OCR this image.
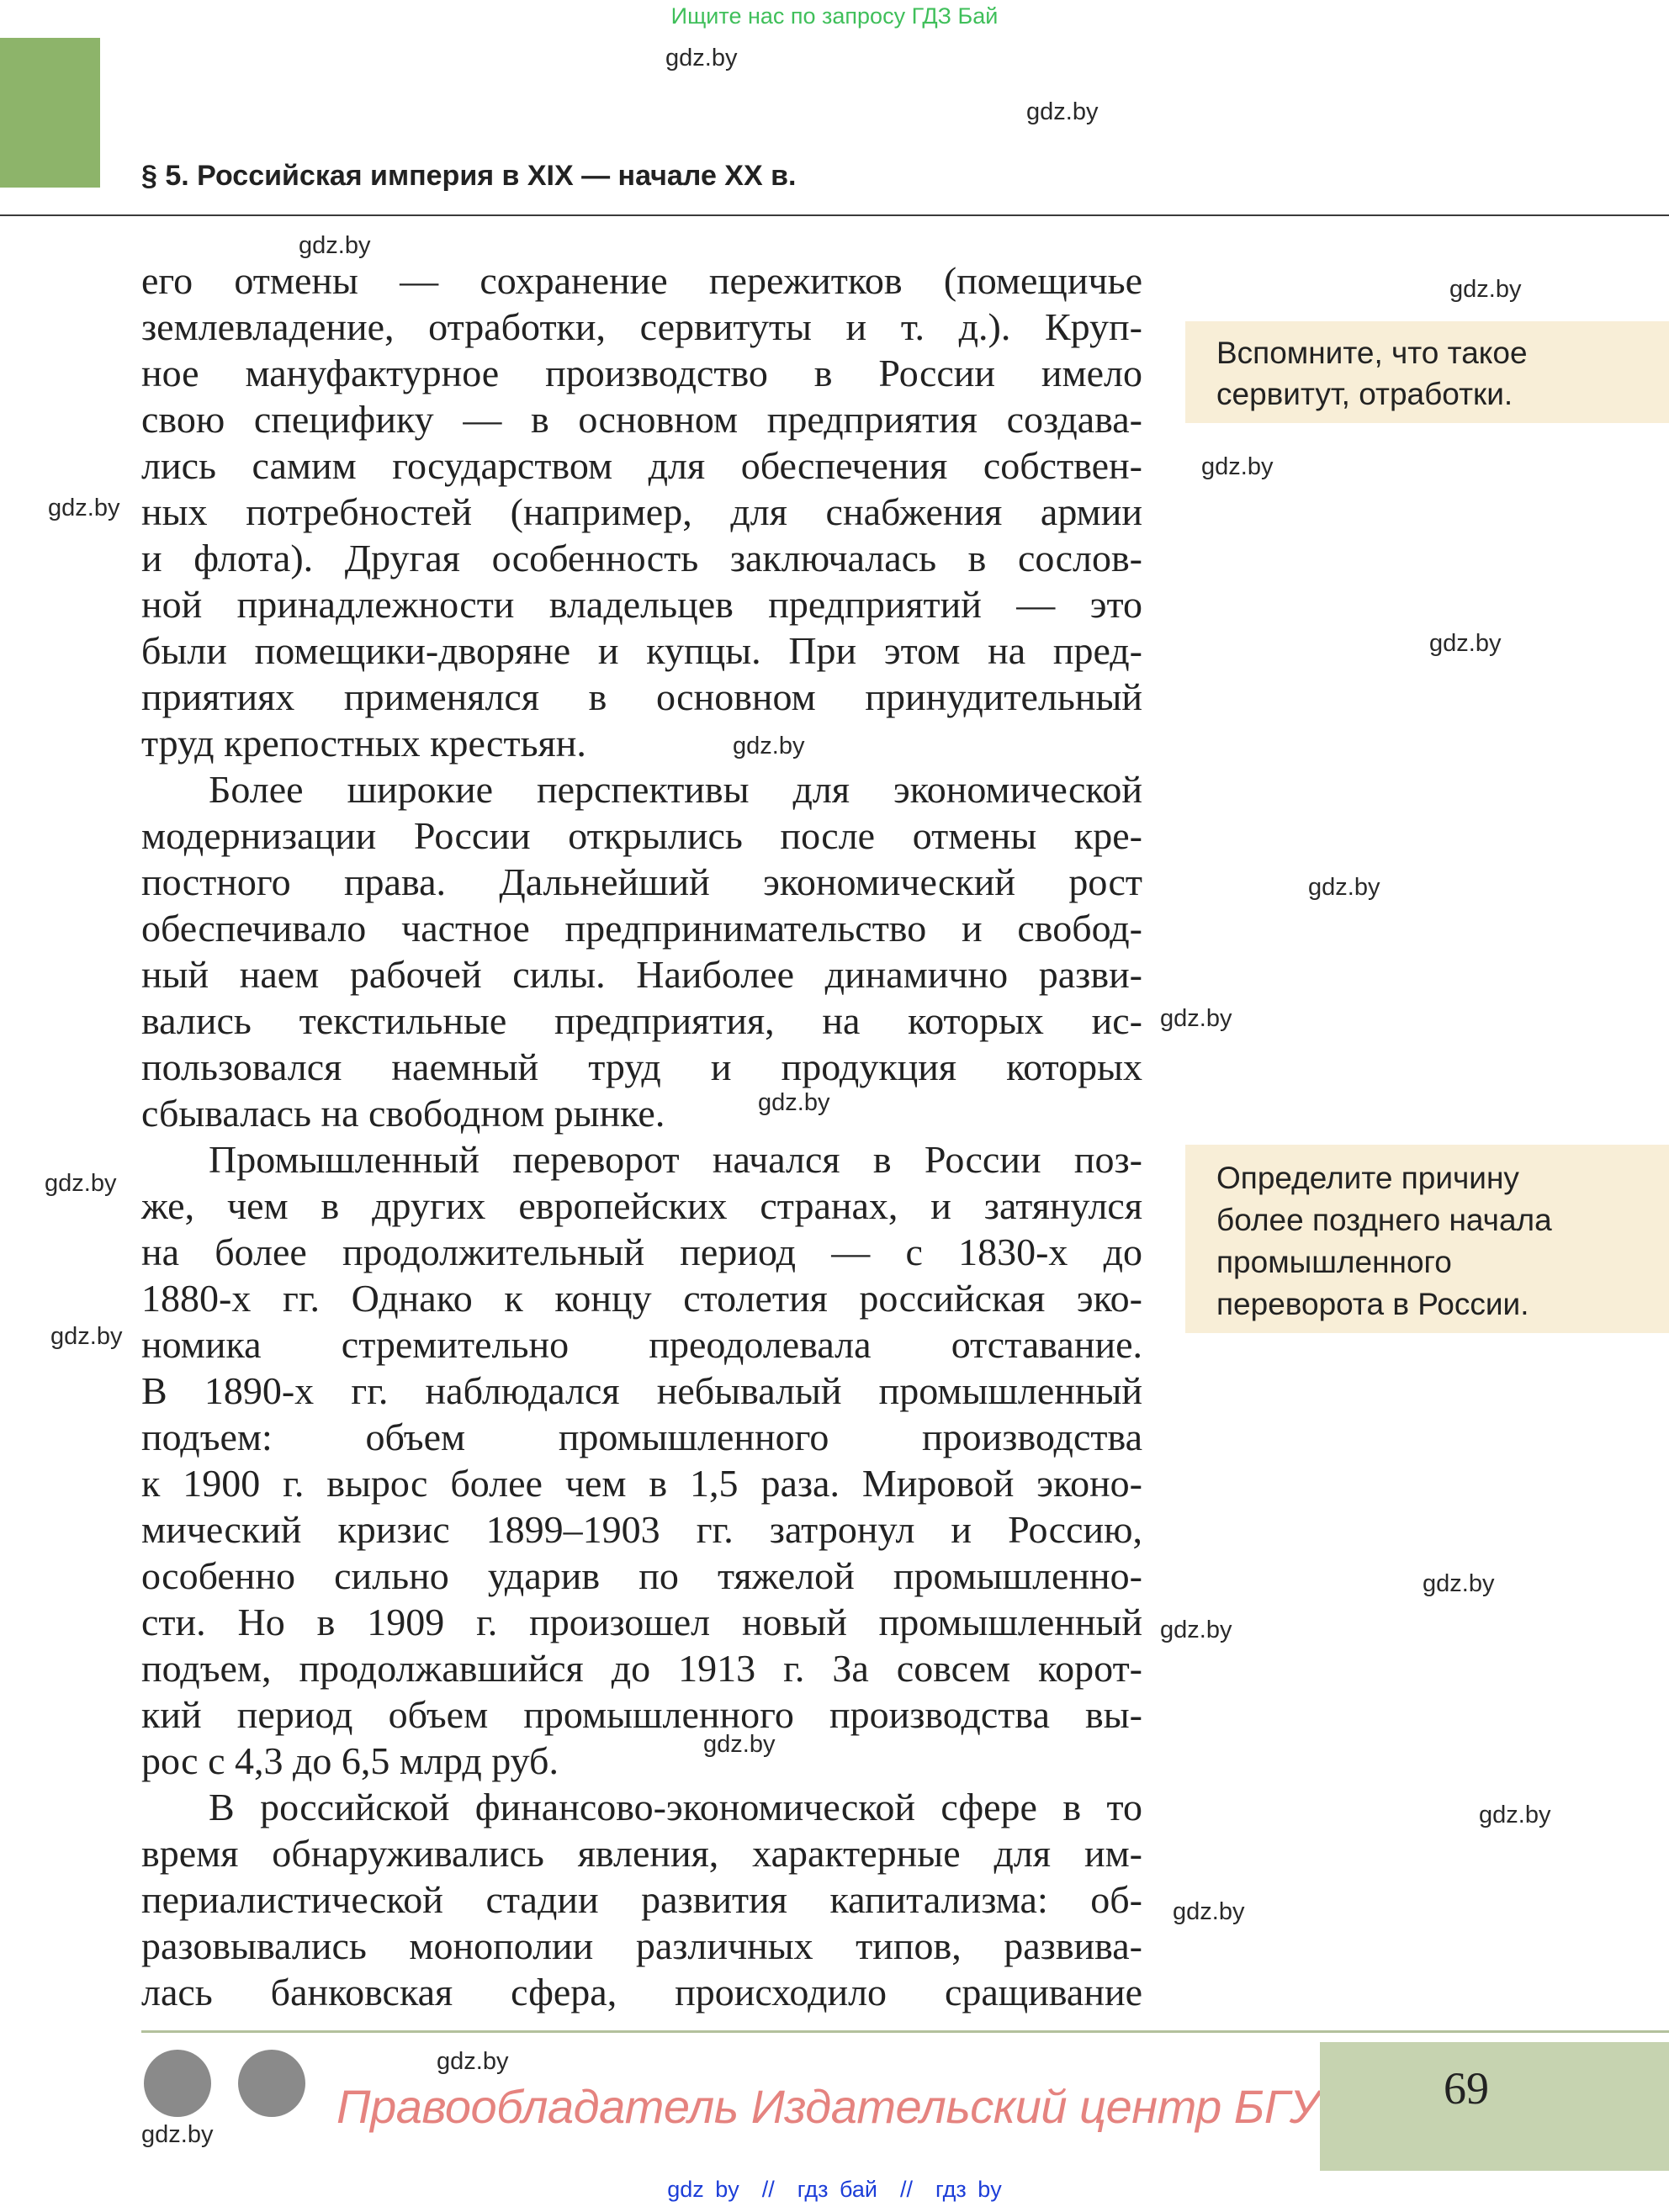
Ищите нас по запросу ГДЗ Бай
§ 5. Российская империя в XIX — начале XX в.
его отмены — сохранение пережитков (помещичье
землевладение, отработки, сервитуты и т. д.). Круп-
ное мануфактурное производство в России имело
свою специфику — в основном предприятия создава-
лись самим государством для обеспечения собствен-
ных потребностей (например, для снабжения армии
и флота). Другая особенность заключалась в сослов-
ной принадлежности владельцев предприятий — это
были помещики-дворяне и купцы. При этом на пред-
приятиях применялся в основном принудительный
труд крепостных крестьян.
Более широкие перспективы для экономической
модернизации России открылись после отмены кре-
постного права. Дальнейший экономический рост
обеспечивало частное предпринимательство и свобод-
ный наем рабочей силы. Наиболее динамично разви-
вались текстильные предприятия, на которых ис-
пользовался наемный труд и продукция которых
сбывалась на свободном рынке.
Промышленный переворот начался в России поз-
же, чем в других европейских странах, и затянулся
на более продолжительный период — с 1830-х до
1880-х гг. Однако к концу столетия российская эко-
номика стремительно преодолевала отставание.
В 1890-х гг. наблюдался небывалый промышленный
подъем: объем промышленного производства
к 1900 г. вырос более чем в 1,5 раза. Мировой эконо-
мический кризис 1899–1903 гг. затронул и Россию,
особенно сильно ударив по тяжелой промышленно-
сти. Но в 1909 г. произошел новый промышленный
подъем, продолжавшийся до 1913 г. За совсем корот-
кий период объем промышленного производства вы-
рос с 4,3 до 6,5 млрд руб.
В российской финансово-экономической сфере в то
время обнаруживались явления, характерные для им-
периалистической стадии развития капитализма: об-
разовывались монополии различных типов, развива-
лась банковская сфера, происходило сращивание
Вспомните, что такое
сервитут, отработки.
Определите причину
более позднего начала
промышленного
переворота в России.
gdz.by
gdz.by
gdz.by
gdz.by
gdz.by
gdz.by
gdz.by
gdz.by
gdz.by
gdz.by
gdz.by
gdz.by
gdz.by
gdz.by
gdz.by
gdz.by
gdz.by
gdz.by
gdz.by
gdz.by
Правообладатель Издательский центр БГУ	69
gdz by  //  гдз бай  //  гдз by
